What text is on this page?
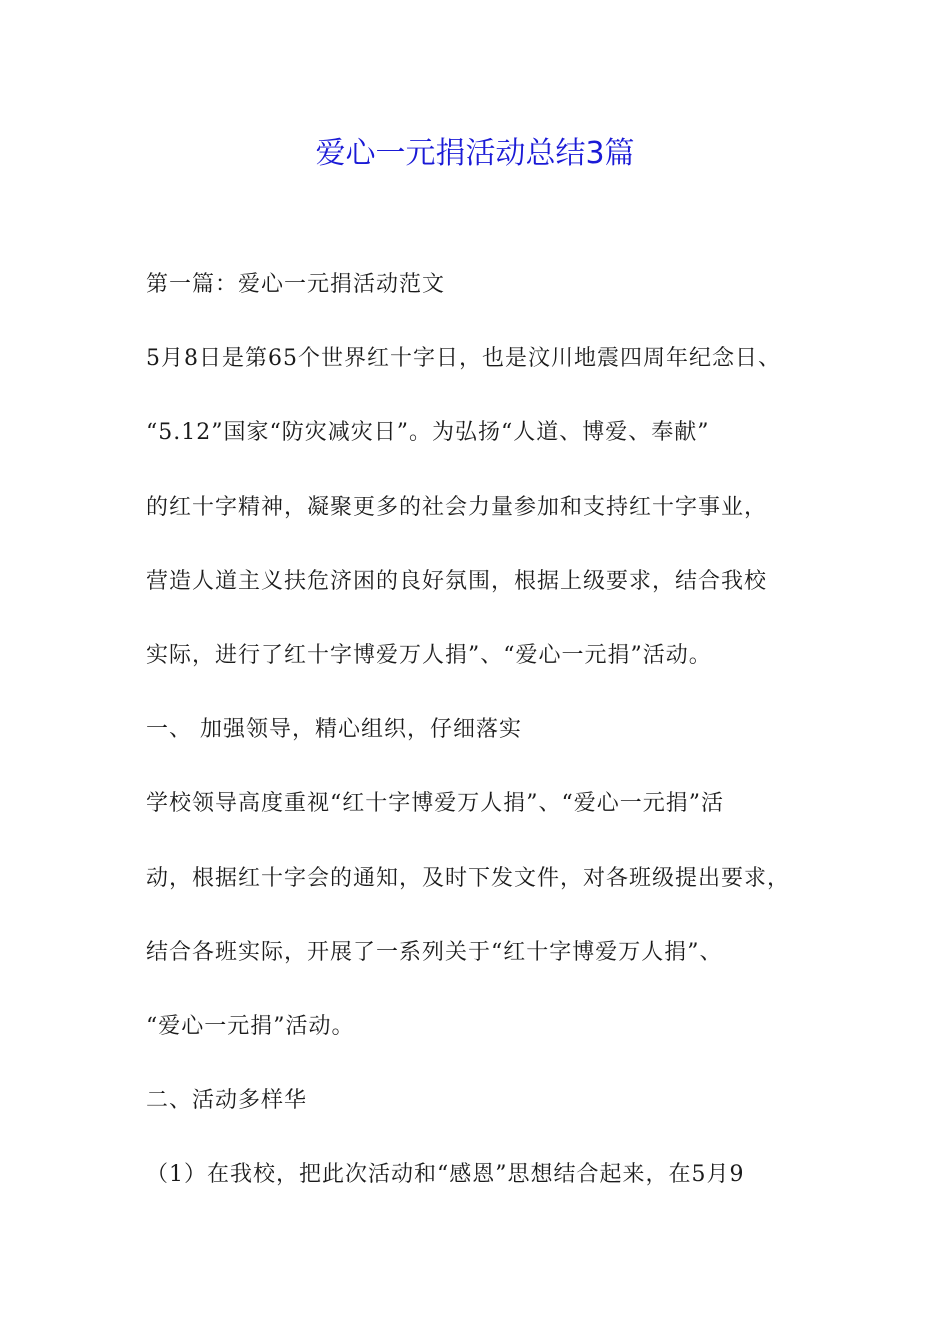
爱心一元捐活动总结3篇
第一篇：爱心一元捐活动范文
5月8日是第65个世界红十字日，也是汶川地震四周年纪念日、
“5.12”国家“防灾减灾日”。为弘扬“人道、博爱、奉献”
的红十字精神，凝聚更多的社会力量参加和支持红十字事业，
营造人道主义扶危济困的良好氛围，根据上级要求，结合我校
实际，进行了红十字博爱万人捐”、“爱心一元捐”活动。
一、 加强领导，精心组织，仔细落实
学校领导高度重视“红十字博爱万人捐”、“爱心一元捐”活
动，根据红十字会的通知，及时下发文件，对各班级提出要求，
结合各班实际，开展了一系列关于“红十字博爱万人捐”、
“爱心一元捐”活动。
二、活动多样华
（1）在我校，把此次活动和“感恩”思想结合起来，在5月9
